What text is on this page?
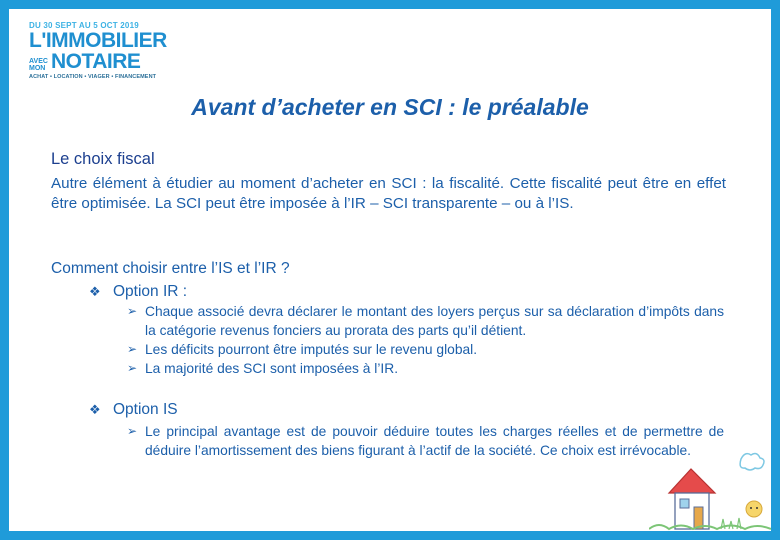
DU 30 SEPT AU 5 OCT 2019
L'IMMOBILIER
AVEC
MON NOTAIRE
ACHAT • LOCATION • VIAGER • FINANCEMENT
Avant d’acheter en SCI : le préalable
Le choix fiscal
Autre élément à étudier au moment d’acheter en SCI : la fiscalité. Cette fiscalité peut être en effet être optimisée. La SCI peut être imposée à l’IR – SCI transparente – ou à l’IS.
Comment choisir entre l’IS et l’IR ?
❖ Option IR :
➢ Chaque associé devra déclarer le montant des loyers perçus sur sa déclaration d’impôts dans la catégorie revenus fonciers au prorata des parts qu’il détient.
➢ Les déficits pourront être imputés sur le revenu global.
➢ La majorité des SCI sont imposées à l’IR.
❖ Option IS
➢ Le principal avantage est de pouvoir déduire toutes les charges réelles et de permettre de déduire l’amortissement des biens figurant à l’actif de la société. Ce choix est irrévocable.
